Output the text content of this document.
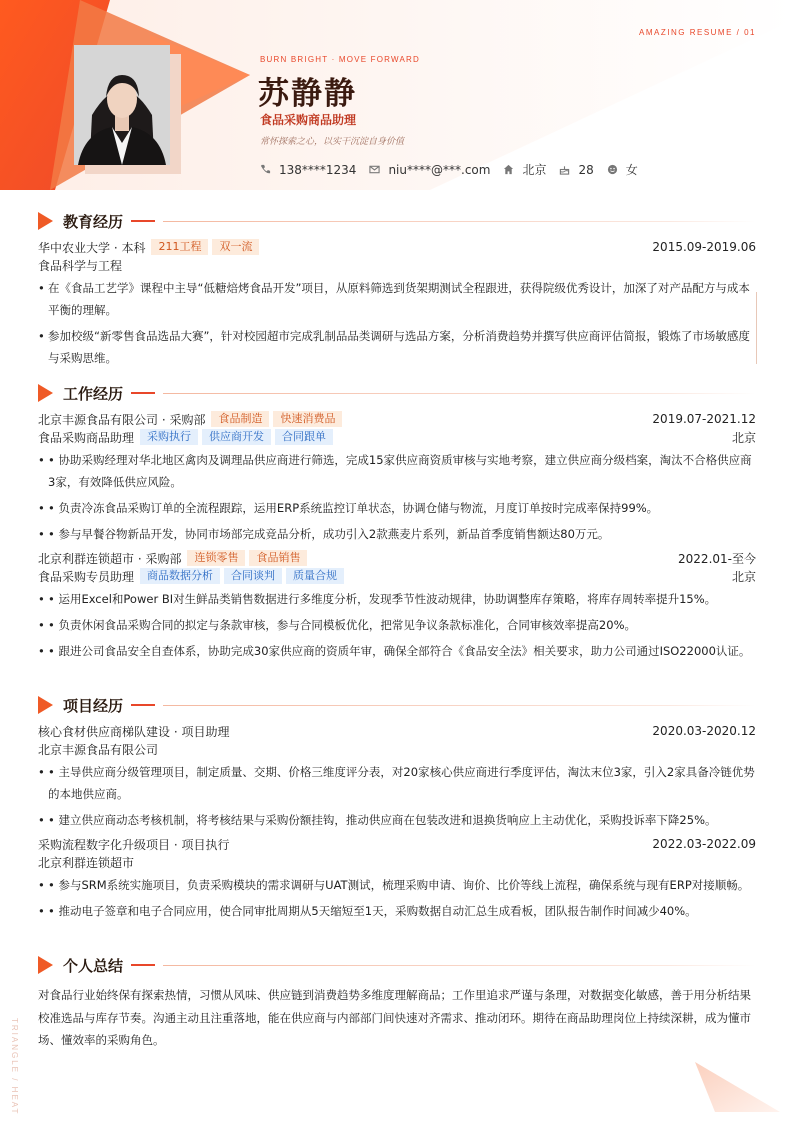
AMAZING RESUME / 01
BURN BRIGHT · MOVE FORWARD
苏静静
食品采购商品助理
常怀探索之心，以实干沉淀自身价值
138****1234	niu****@***.com	北京	28	女
教育经历
华中农业大学 · 本科	211工程	双一流	2015.09-2019.06
食品科学与工程
• 在《食品工艺学》课程中主导“低糖焙烤食品开发”项目，从原料筛选到货架期测试全程跟进，获得院级优秀设计，加深了对产品配方与成本平衡的理解。
• 参加校级“新零售食品选品大赛”，针对校园超市完成乳制品品类调研与选品方案，分析消费趋势并撰写供应商评估简报，锻炼了市场敏感度与采购思维。
工作经历
北京丰源食品有限公司 · 采购部	食品制造	快速消费品	2019.07-2021.12
食品采购商品助理	采购执行	供应商开发	合同跟单	北京
• • 协助采购经理对华北地区禽肉及调理品供应商进行筛选，完成15家供应商资质审核与实地考察，建立供应商分级档案，淘汰不合格供应商3家，有效降低供应风险。
• • 负责冷冻食品采购订单的全流程跟踪，运用ERP系统监控订单状态，协调仓储与物流，月度订单按时完成率保持99%。
• • 参与早餐谷物新品开发，协同市场部完成竞品分析，成功引入2款燕麦片系列，新品首季度销售额达80万元。
北京利群连锁超市 · 采购部	连锁零售	食品销售	2022.01-至今
食品采购专员助理	商品数据分析	合同谈判	质量合规	北京
• • 运用Excel和Power BI对生鲜品类销售数据进行多维度分析，发现季节性波动规律，协助调整库存策略，将库存周转率提升15%。
• • 负责休闲食品采购合同的拟定与条款审核，参与合同模板优化，把常见争议条款标准化，合同审核效率提高20%。
• • 跟进公司食品安全自查体系，协助完成30家供应商的资质年审，确保全部符合《食品安全法》相关要求，助力公司通过ISO22000认证。
项目经历
核心食材供应商梯队建设 · 项目助理	2020.03-2020.12
北京丰源食品有限公司
• • 主导供应商分级管理项目，制定质量、交期、价格三维度评分表，对20家核心供应商进行季度评估，淘汰末位3家，引入2家具备冷链优势的本地供应商。
• • 建立供应商动态考核机制，将考核结果与采购份额挂钩，推动供应商在包装改进和退换货响应上主动优化，采购投诉率下降25%。
采购流程数字化升级项目 · 项目执行	2022.03-2022.09
北京利群连锁超市
• • 参与SRM系统实施项目，负责采购模块的需求调研与UAT测试，梳理采购申请、询价、比价等线上流程，确保系统与现有ERP对接顺畅。
• • 推动电子签章和电子合同应用，使合同审批周期从5天缩短至1天，采购数据自动汇总生成看板，团队报告制作时间减少40%。
个人总结
对食品行业始终保有探索热情，习惯从风味、供应链到消费趋势多维度理解商品；工作里追求严谨与条理，对数据变化敏感，善于用分析结果校准选品与库存节奏。沟通主动且注重落地，能在供应商与内部部门间快速对齐需求、推动闭环。期待在商品助理岗位上持续深耕，成为懂市场、懂效率的采购角色。
TRIANGLE / HEAT
